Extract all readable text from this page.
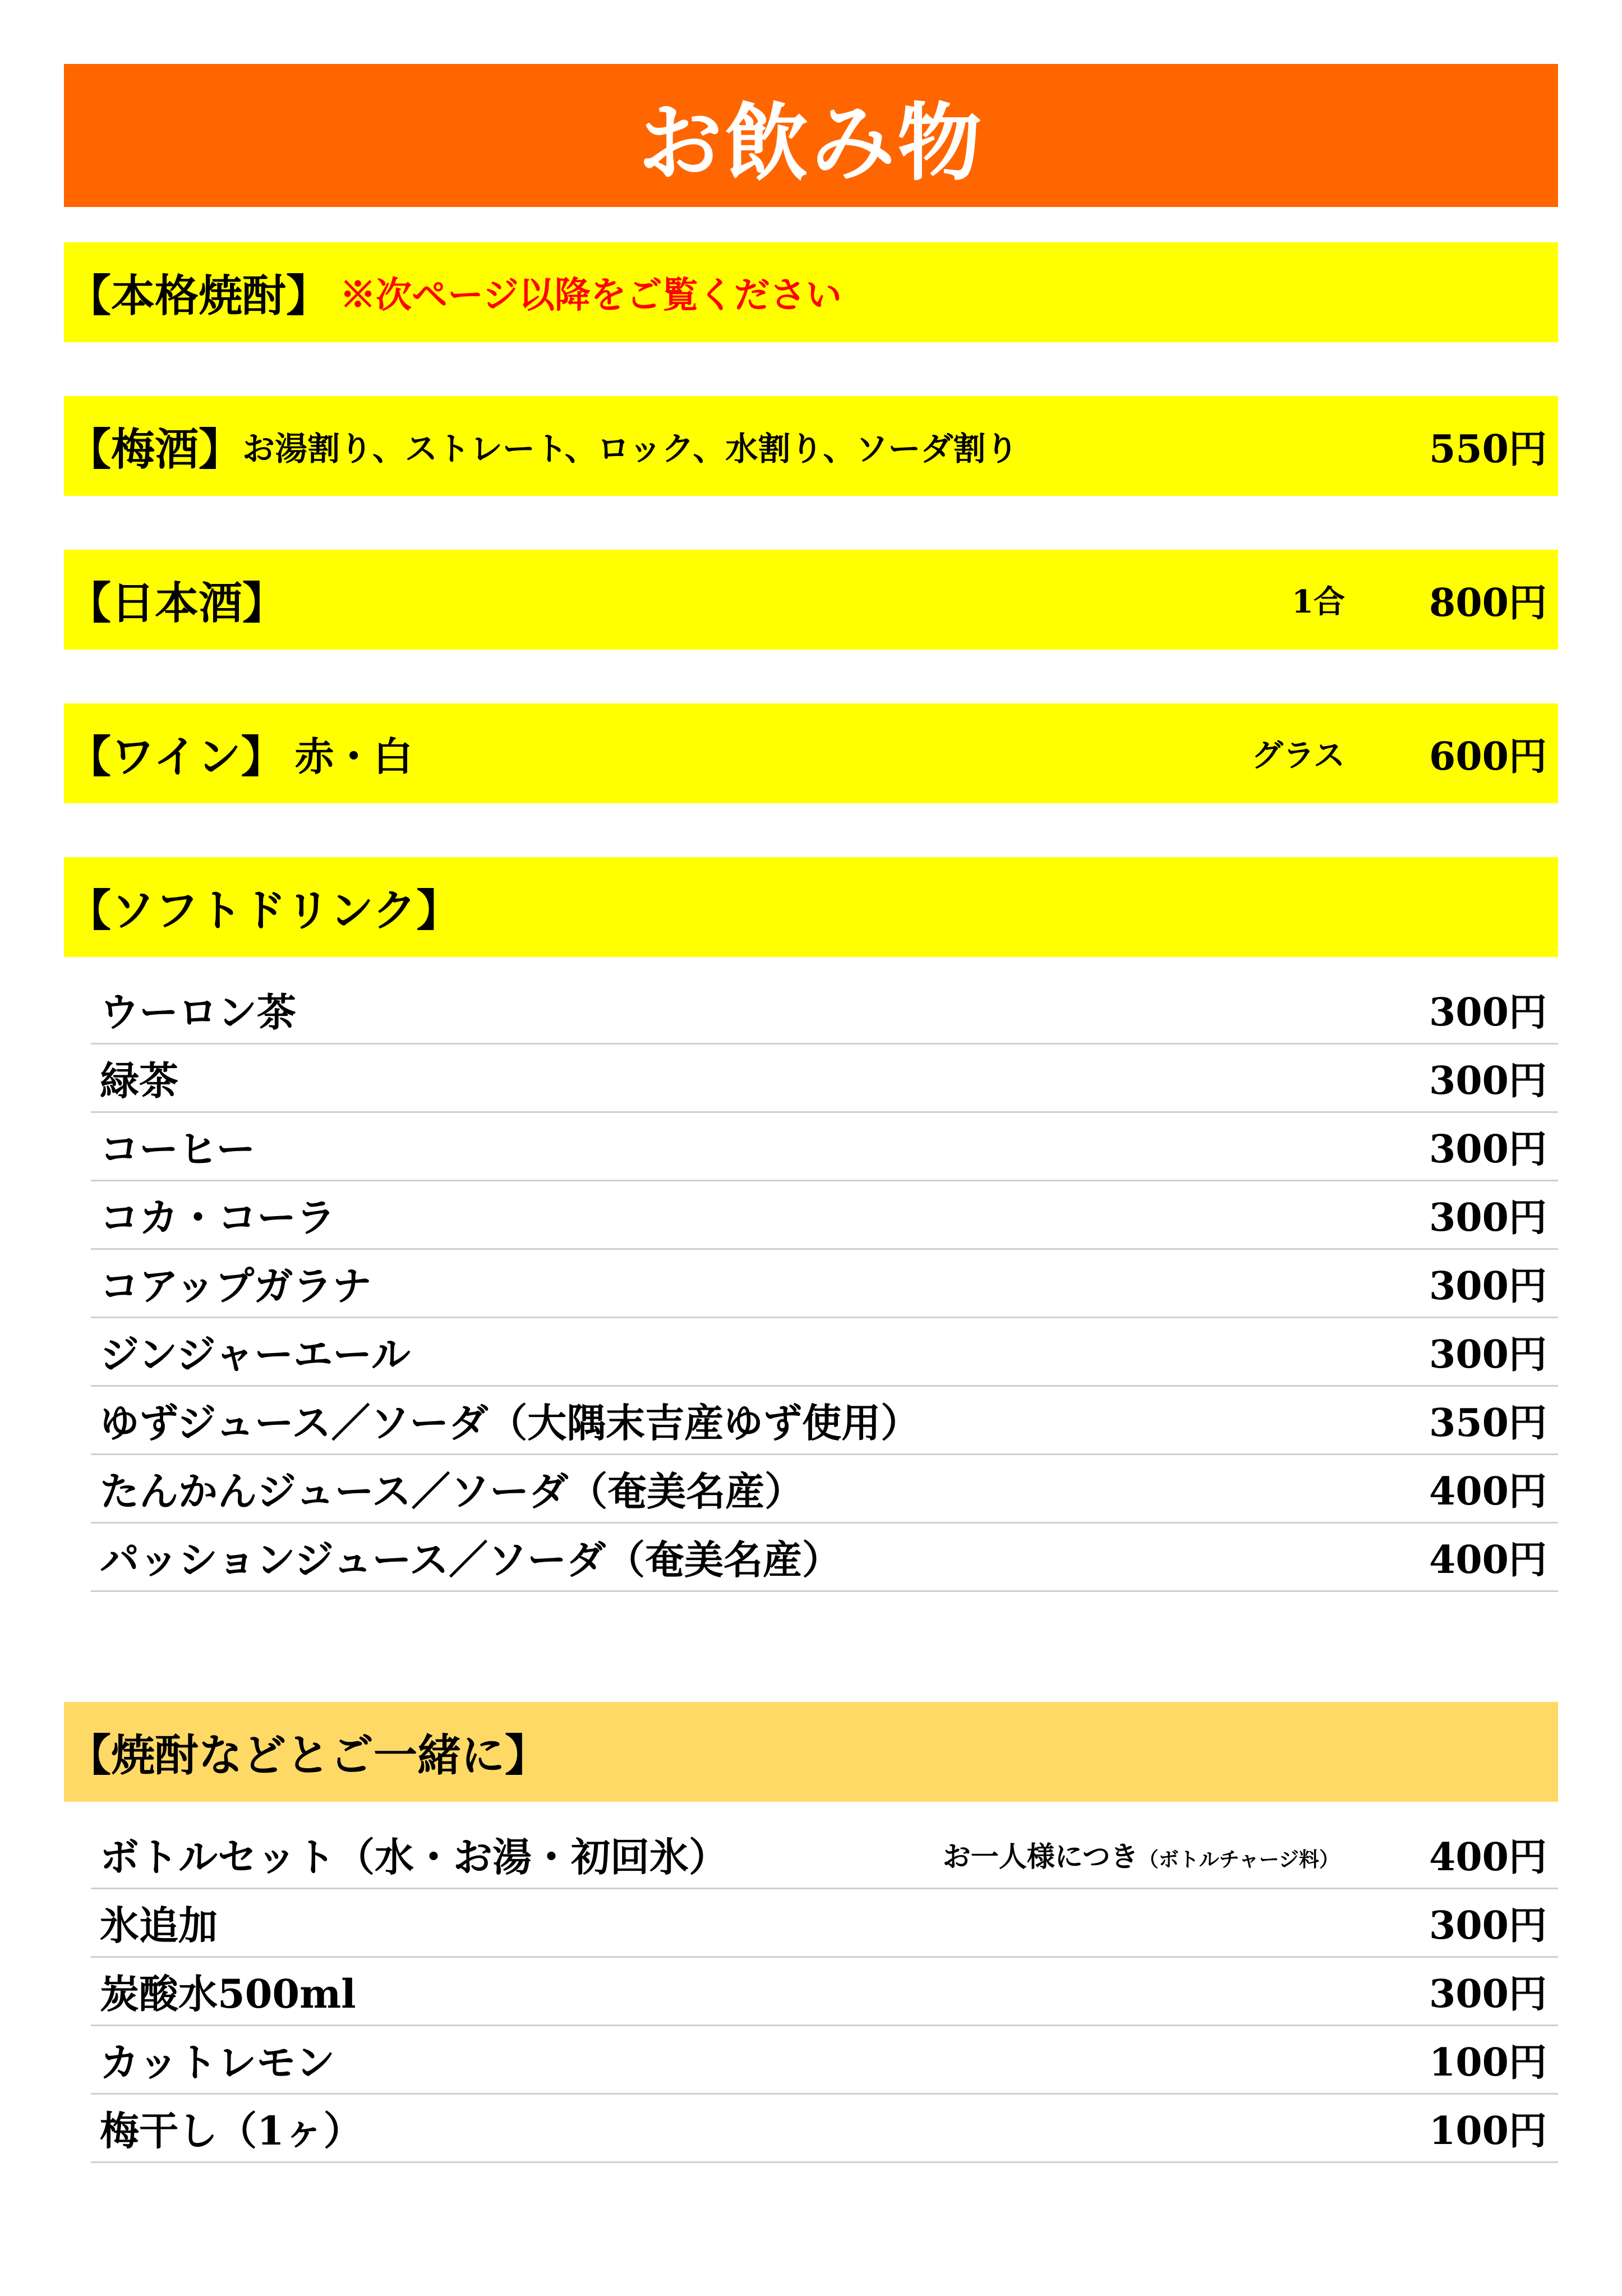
お飲み物
【本格焼酎】 ※次ページ以降をご覧ください
【梅酒】 お湯割り、ストレート、ロック、水割り、ソーダ割り	550円
【日本酒】	1合 800円
【ワイン】 赤・白	グラス 600円
【ソフトドリンク】
ウーロン茶	300円
緑茶	300円
コーヒー	300円
コカ・コーラ	300円
コアップガラナ	300円
ジンジャーエール	300円
ゆずジュース／ソーダ（大隅末吉産ゆず使用）	350円
たんかんジュース／ソーダ（奄美名産）	400円
パッションジュース／ソーダ（奄美名産）	400円
【焼酎などとご一緒に】
ボトルセット（水・お湯・初回氷）	お一人様につき（ボトルチャージ料） 400円
氷追加	300円
炭酸水500ml	300円
カットレモン	100円
梅干し（1ヶ）	100円
